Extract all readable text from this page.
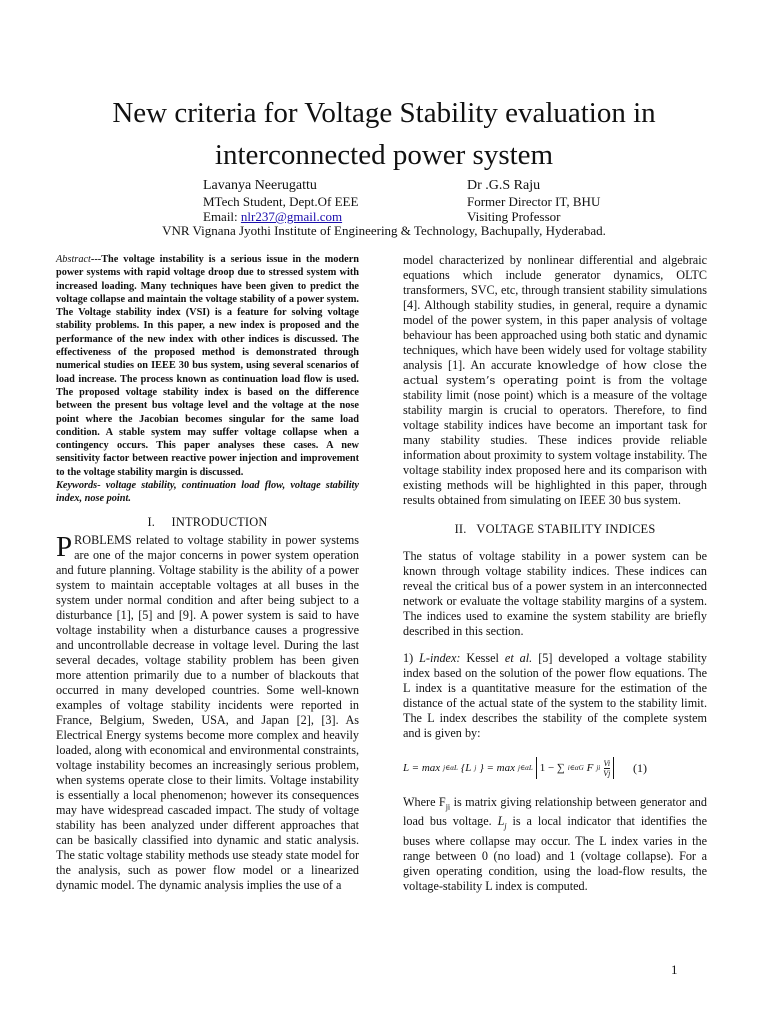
New criteria for Voltage Stability evaluation in
interconnected power system
Lavanya Neerugattu
MTech Student, Dept.Of EEE
Email: nlr237@gmail.com
Dr .G.S Raju
Former Director IT, BHU
Visiting Professor
VNR Vignana Jyothi Institute of Engineering & Technology, Bachupally, Hyderabad.

Abstract---The voltage instability is a serious issue in the modern power systems with rapid voltage droop due to stressed system with increased loading. Many techniques have been given to predict the voltage collapse and maintain the voltage stability of a power system. The Voltage stability index (VSI) is a feature for solving voltage stability problems. In this paper, a new index is proposed and the performance of the new index with other indices is discussed. The effectiveness of the proposed method is demonstrated through numerical studies on IEEE 30 bus system, using several scenarios of load increase. The process known as continuation load flow is used. The proposed voltage stability index is based on the difference between the present bus voltage level and the voltage at the nose point where the Jacobian becomes singular for the same load condition. A stable system may suffer voltage collapse when a contingency occurs. This paper analyses these cases. A new sensitivity factor between reactive power injection and improvement to the voltage stability margin is discussed.

Keywords- voltage stability, continuation load flow, voltage stability index, nose point.

I.     INTRODUCTION

PROBLEMS related to voltage stability in power systems are one of the major concerns in power system operation and future planning. Voltage stability is the ability of a power system to maintain acceptable voltages at all buses in the system under normal condition and after being subject to a disturbance [1], [5] and [9]. A power system is said to have voltage instability when a disturbance causes a progressive and uncontrollable decrease in voltage level. During the last several decades, voltage stability problem has been given more attention primarily due to a number of blackouts that occurred in many developed countries. Some well-known examples of voltage stability incidents were reported in France, Belgium, Sweden, USA, and Japan [2], [3]. As Electrical Energy systems become more complex and heavily loaded, along with economical and environmental constraints, voltage instability becomes an increasingly serious problem, when systems operate close to their limits. Voltage instability is essentially a local phenomenon; however its consequences may have widespread cascaded impact. The study of voltage stability has been analyzed under different approaches that can be basically classified into dynamic and static analysis. The static voltage stability methods use steady state model for the analysis, such as power flow model or a linearized dynamic model. The dynamic analysis implies the use of a

model characterized by nonlinear differential and algebraic equations which include generator dynamics, OLTC transformers, SVC, etc, through transient stability simulations [4]. Although stability studies, in general, require a dynamic model of the power system, in this paper analysis of voltage behaviour has been approached using both static and dynamic techniques, which have been widely used for voltage stability analysis [1]. An accurate knowledge of how close the actual system’s operating point is from the voltage stability limit (nose point) which is a measure of the voltage stability margin is crucial to operators. Therefore, to find voltage stability indices have become an important task for many stability studies. These indices provide reliable information about proximity to system voltage instability. The voltage stability index proposed here and its comparison with existing methods will be highlighted in this paper, through results obtained from simulating on IEEE 30 bus system.

II.   VOLTAGE STABILITY INDICES

The status of voltage stability in a power system can be known through voltage stability indices. These indices can reveal the critical bus of a power system in an interconnected network or evaluate the voltage stability margins of a system. The indices used to examine the system stability are briefly described in this section.

1) L-index: Kessel et al. [5] developed a voltage stability index based on the solution of the power flow equations. The L index is a quantitative measure for the estimation of the distance of the actual state of the system to the stability limit. The L index describes the stability of the complete system and is given by:

L = max j∈αL {L j } = max j∈αL 1 − ∑ i∈αG F ji $\frac{Vi}{Vj} (1)$

Where $F_{ji}$ is matrix giving relationship between generator and load bus voltage. $L_j$ is a local indicator that identifies the buses where collapse may occur. The L index varies in the range between 0 (no load) and 1 (voltage collapse). For a given operating condition, using the load-flow results, the voltage-stability L index is computed.

1
